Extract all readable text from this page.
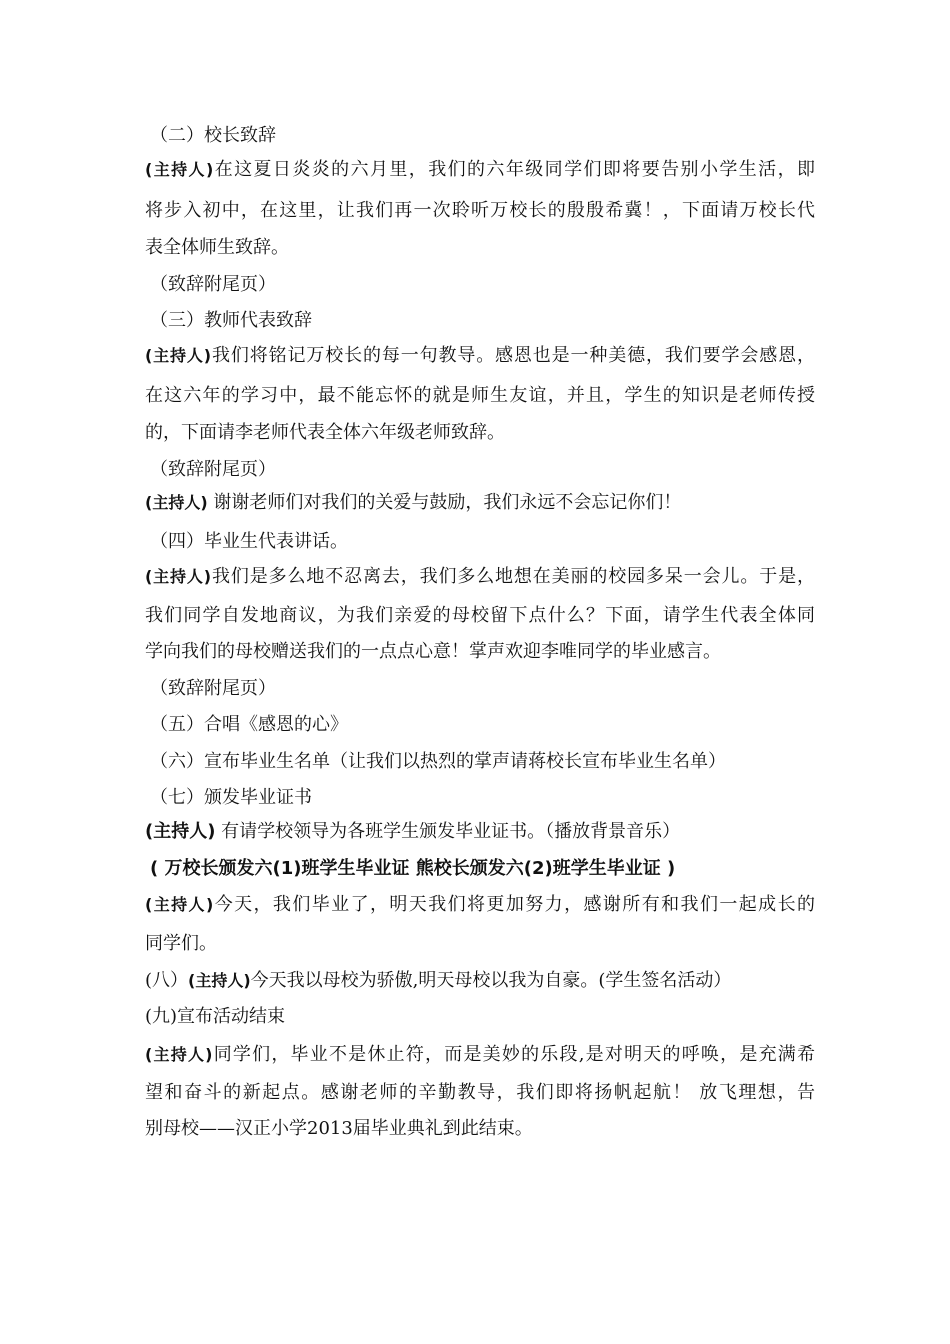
（二）校长致辞
(主持人)在这夏日炎炎的六月里，我们的六年级同学们即将要告别小学生活，即
将步入初中，在这里，让我们再一次聆听万校长的殷殷希冀！，下面请万校长代
表全体师生致辞。
（致辞附尾页）
（三）教师代表致辞
(主持人)我们将铭记万校长的每一句教导。感恩也是一种美德，我们要学会感恩，
在这六年的学习中，最不能忘怀的就是师生友谊，并且，学生的知识是老师传授
的，下面请李老师代表全体六年级老师致辞。
（致辞附尾页）
(主持人) 谢谢老师们对我们的关爱与鼓励，我们永远不会忘记你们！
（四）毕业生代表讲话。
(主持人)我们是多么地不忍离去，我们多么地想在美丽的校园多呆一会儿。于是，
我们同学自发地商议，为我们亲爱的母校留下点什么？下面，请学生代表全体同
学向我们的母校赠送我们的一点点心意！掌声欢迎李唯同学的毕业感言。
（致辞附尾页）
（五）合唱《感恩的心》
（六）宣布毕业生名单（让我们以热烈的掌声请蒋校长宣布毕业生名单）
（七）颁发毕业证书
(主持人) 有请学校领导为各班学生颁发毕业证书。（播放背景音乐）
( 万校长颁发六(1)班学生毕业证 熊校长颁发六(2)班学生毕业证 )
(主持人)今天，我们毕业了，明天我们将更加努力，感谢所有和我们一起成长的
同学们。
(八）(主持人)今天我以母校为骄傲,明天母校以我为自豪。(学生签名活动）
(九)宣布活动结束
(主持人)同学们，毕业不是休止符，而是美妙的乐段,是对明天的呼唤，是充满希
望和奋斗的新起点。感谢老师的辛勤教导，我们即将扬帆起航！ 放飞理想，告
别母校——汉正小学2013届毕业典礼到此结束。
